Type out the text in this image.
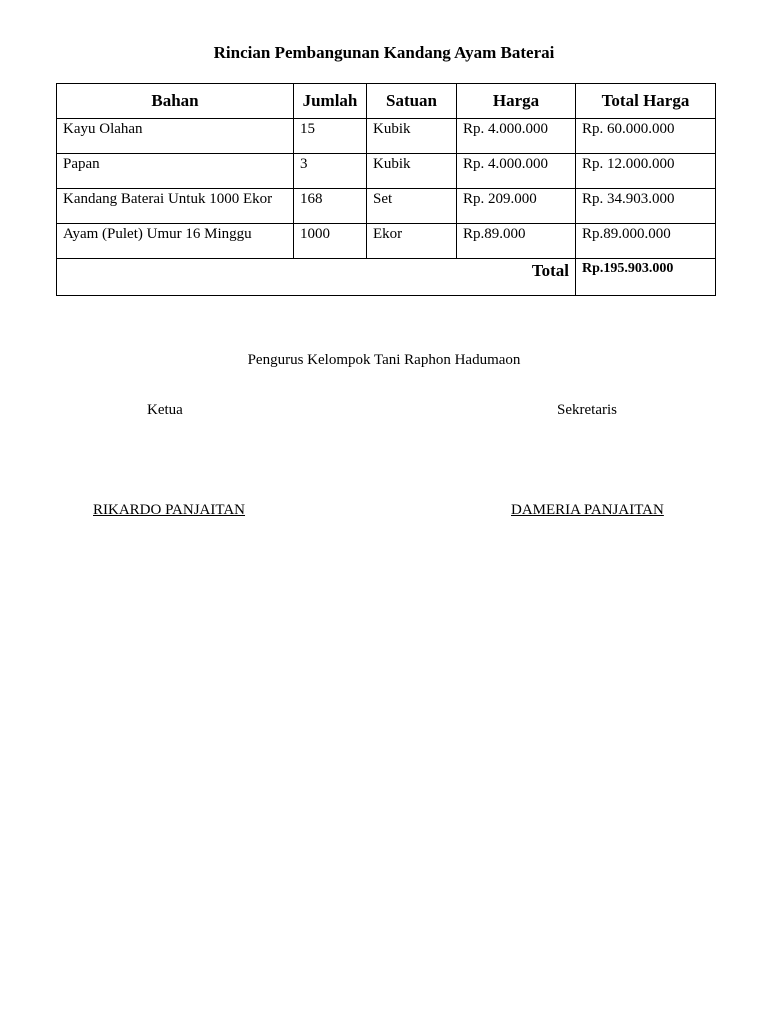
Rincian Pembangunan Kandang Ayam Baterai
Bahan	Jumlah	Satuan	Harga	Total Harga
Kayu Olahan	15	Kubik	Rp. 4.000.000	Rp. 60.000.000
Papan	3	Kubik	Rp. 4.000.000	Rp. 12.000.000
Kandang Baterai Untuk 1000 Ekor	168	Set	Rp. 209.000	Rp. 34.903.000
Ayam (Pulet) Umur 16 Minggu	1000	Ekor	Rp.89.000	Rp.89.000.000
Total				Rp.195.903.000
Pengurus Kelompok Tani Raphon Hadumaon
Ketua	Sekretaris
RIKARDO PANJAITAN	DAMERIA PANJAITAN
